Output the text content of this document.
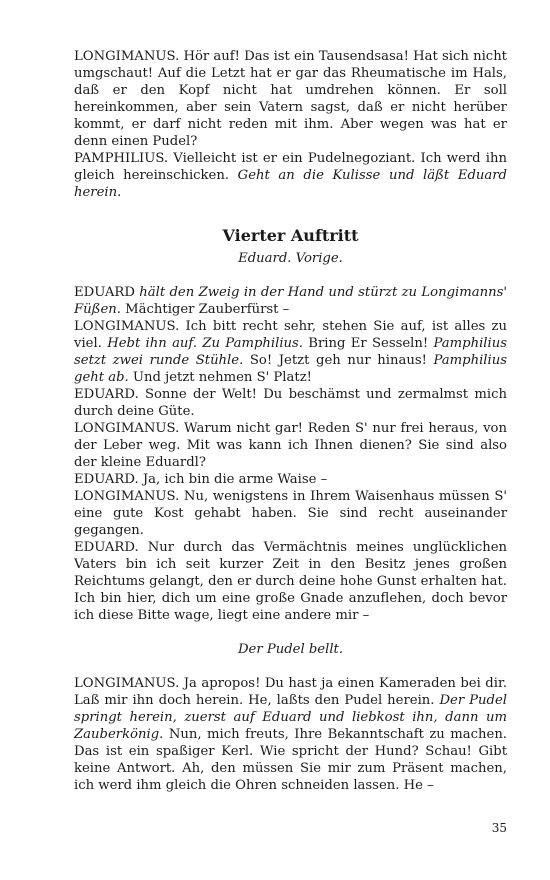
LONGIMANUS. Hör auf! Das ist ein Tausendsasa! Hat sich nicht umgschaut! Auf die Letzt hat er gar das Rheumatische im Hals, daß er den Kopf nicht hat umdrehen können. Er soll hereinkommen, aber sein Vatern sagst, daß er nicht herüber kommt, er darf nicht reden mit ihm. Aber wegen was hat er denn einen Pudel?

PAMPHILIUS. Vielleicht ist er ein Pudelnegoziant. Ich werd ihn gleich hereinschicken. Geht an die Kulisse und läßt Eduard herein.

Vierter Auftritt
Eduard. Vorige.

EDUARD hält den Zweig in der Hand und stürzt zu Longimanns' Füßen. Mächtiger Zauberfürst –

LONGIMANUS. Ich bitt recht sehr, stehen Sie auf, ist alles zu viel. Hebt ihn auf. Zu Pamphilius. Bring Er Sesseln! Pamphilius setzt zwei runde Stühle. So! Jetzt geh nur hinaus! Pamphilius geht ab. Und jetzt nehmen S' Platz!

EDUARD. Sonne der Welt! Du beschämst und zermalmst mich durch deine Güte.

LONGIMANUS. Warum nicht gar! Reden S' nur frei heraus, von der Leber weg. Mit was kann ich Ihnen dienen? Sie sind also der kleine Eduardl?

EDUARD. Ja, ich bin die arme Waise –

LONGIMANUS. Nu, wenigstens in Ihrem Waisenhaus müssen S' eine gute Kost gehabt haben. Sie sind recht auseinander gegangen.

EDUARD. Nur durch das Vermächtnis meines unglücklichen Vaters bin ich seit kurzer Zeit in den Besitz jenes großen Reichtums gelangt, den er durch deine hohe Gunst erhalten hat. Ich bin hier, dich um eine große Gnade anzuflehen, doch bevor ich diese Bitte wage, liegt eine andere mir –

Der Pudel bellt.

LONGIMANUS. Ja apropos! Du hast ja einen Kameraden bei dir. Laß mir ihn doch herein. He, laßts den Pudel herein. Der Pudel springt herein, zuerst auf Eduard und liebkost ihn, dann um Zauberkönig. Nun, mich freuts, Ihre Bekanntschaft zu machen. Das ist ein spaßiger Kerl. Wie spricht der Hund? Schau! Gibt keine Antwort. Ah, den müssen Sie mir zum Präsent machen, ich werd ihm gleich die Ohren schneiden lassen. He –

35
